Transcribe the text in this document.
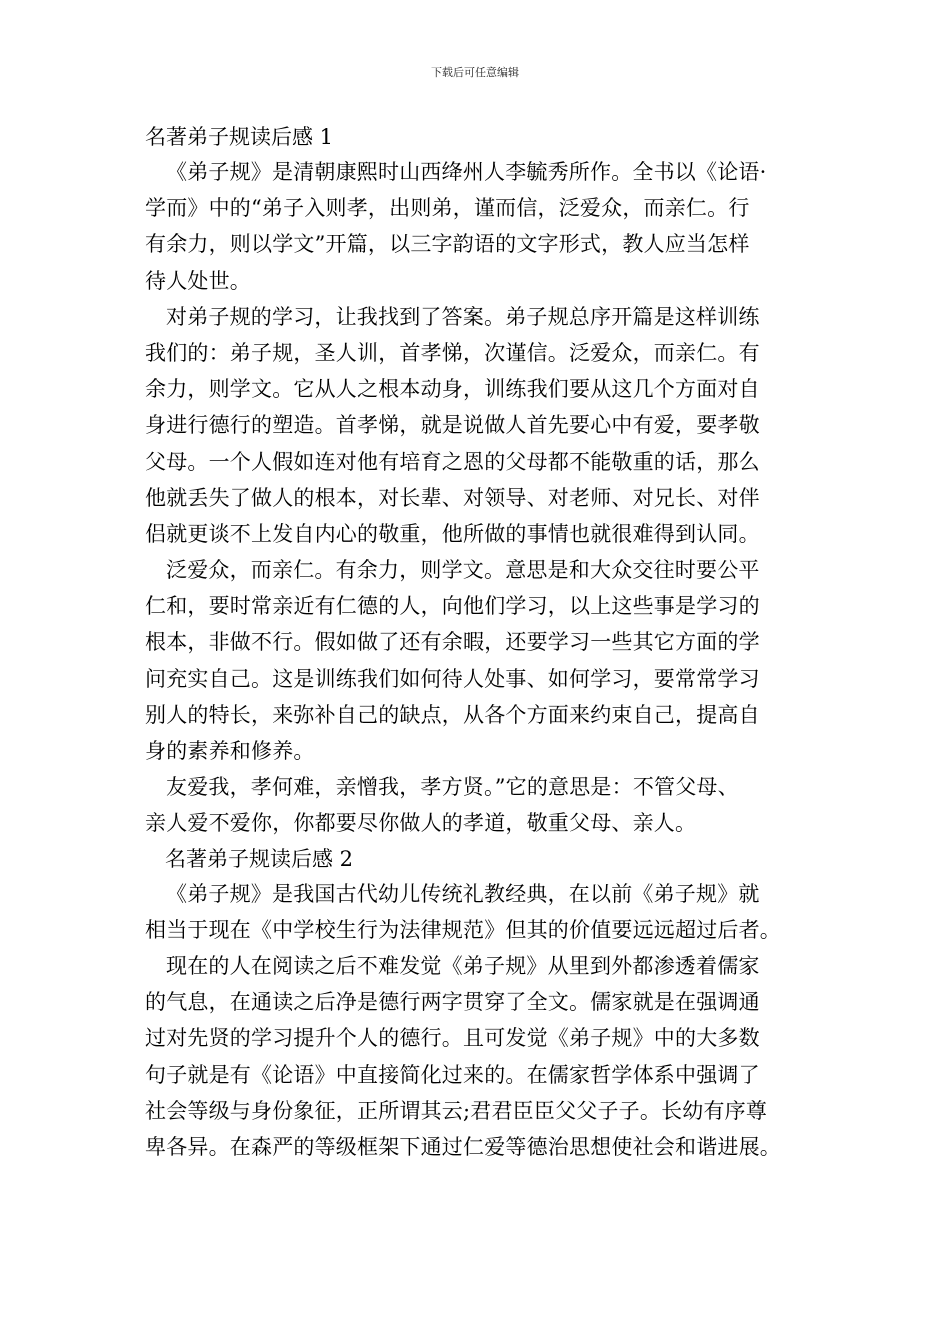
下载后可任意编辑
名著弟子规读后感 1
《弟子规》是清朝康熙时山西绛州人李毓秀所作。全书以《论语·
学而》中的“弟子入则孝，出则弟，谨而信，泛爱众，而亲仁。行
有余力，则以学文”开篇，以三字韵语的文字形式，教人应当怎样
待人处世。
对弟子规的学习，让我找到了答案。弟子规总序开篇是这样训练
我们的：弟子规，圣人训，首孝悌，次谨信。泛爱众，而亲仁。有
余力，则学文。它从人之根本动身，训练我们要从这几个方面对自
身进行德行的塑造。首孝悌，就是说做人首先要心中有爱，要孝敬
父母。一个人假如连对他有培育之恩的父母都不能敬重的话，那么
他就丢失了做人的根本，对长辈、对领导、对老师、对兄长、对伴
侣就更谈不上发自内心的敬重，他所做的事情也就很难得到认同。
泛爱众，而亲仁。有余力，则学文。意思是和大众交往时要公平
仁和，要时常亲近有仁德的人，向他们学习，以上这些事是学习的
根本，非做不行。假如做了还有余暇，还要学习一些其它方面的学
问充实自己。这是训练我们如何待人处事、如何学习，要常常学习
别人的特长，来弥补自己的缺点，从各个方面来约束自己，提高自
身的素养和修养。
友爱我，孝何难，亲憎我，孝方贤。”它的意思是：不管父母、
亲人爱不爱你，你都要尽你做人的孝道，敬重父母、亲人。
名著弟子规读后感 2
《弟子规》是我国古代幼儿传统礼教经典，在以前《弟子规》就
相当于现在《中学校生行为法律规范》但其的价值要远远超过后者。
现在的人在阅读之后不难发觉《弟子规》从里到外都渗透着儒家
的气息，在通读之后净是德行两字贯穿了全文。儒家就是在强调通
过对先贤的学习提升个人的德行。且可发觉《弟子规》中的大多数
句子就是有《论语》中直接简化过来的。在儒家哲学体系中强调了
社会等级与身份象征，正所谓其云;君君臣臣父父子子。长幼有序尊
卑各异。在森严的等级框架下通过仁爱等德治思想使社会和谐进展。
